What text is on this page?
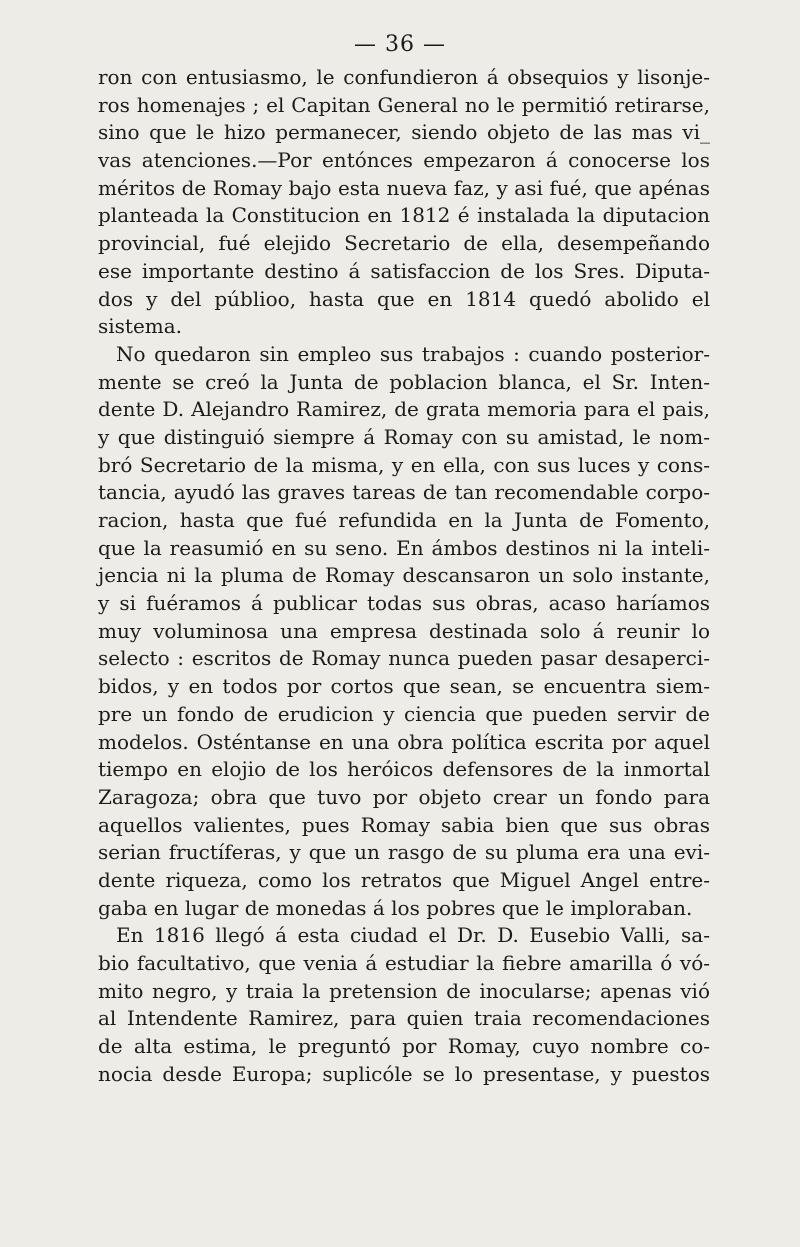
— 36 —
ron con entusiasmo, le confundieron á obsequios y lisonje-
ros homenajes ; el Capitan General no le permitió retirarse,
sino que le hizo permanecer, siendo objeto de las mas vi_
vas atenciones.—Por entónces empezaron á conocerse los
méritos de Romay bajo esta nueva faz, y asi fué, que apénas
planteada la Constitucion en 1812 é instalada la diputacion
provincial, fué elejido Secretario de ella, desempeñando
ese importante destino á satisfaccion de los Sres. Diputa-
dos y del públioo, hasta que en 1814 quedó abolido el
sistema.
No quedaron sin empleo sus trabajos : cuando posterior-
mente se creó la Junta de poblacion blanca, el Sr. Inten-
dente D. Alejandro Ramirez, de grata memoria para el pais,
y que distinguió siempre á Romay con su amistad, le nom-
bró Secretario de la misma, y en ella, con sus luces y cons-
tancia, ayudó las graves tareas de tan recomendable corpo-
racion, hasta que fué refundida en la Junta de Fomento,
que la reasumió en su seno. En ámbos destinos ni la inteli-
jencia ni la pluma de Romay descansaron un solo instante,
y si fuéramos á publicar todas sus obras, acaso haríamos
muy voluminosa una empresa destinada solo á reunir lo
selecto : escritos de Romay nunca pueden pasar desaperci-
bidos, y en todos por cortos que sean, se encuentra siem-
pre un fondo de erudicion y ciencia que pueden servir de
modelos. Osténtanse en una obra política escrita por aquel
tiempo en elojio de los heróicos defensores de la inmortal
Zaragoza; obra que tuvo por objeto crear un fondo para
aquellos valientes, pues Romay sabia bien que sus obras
serian fructíferas, y que un rasgo de su pluma era una evi-
dente riqueza, como los retratos que Miguel Angel entre-
gaba en lugar de monedas á los pobres que le imploraban.
En 1816 llegó á esta ciudad el Dr. D. Eusebio Valli, sa-
bio facultativo, que venia á estudiar la fiebre amarilla ó vó-
mito negro, y traia la pretension de inocularse; apenas vió
al Intendente Ramirez, para quien traia recomendaciones
de alta estima, le preguntó por Romay, cuyo nombre co-
nocia desde Europa; suplicóle se lo presentase, y puestos
